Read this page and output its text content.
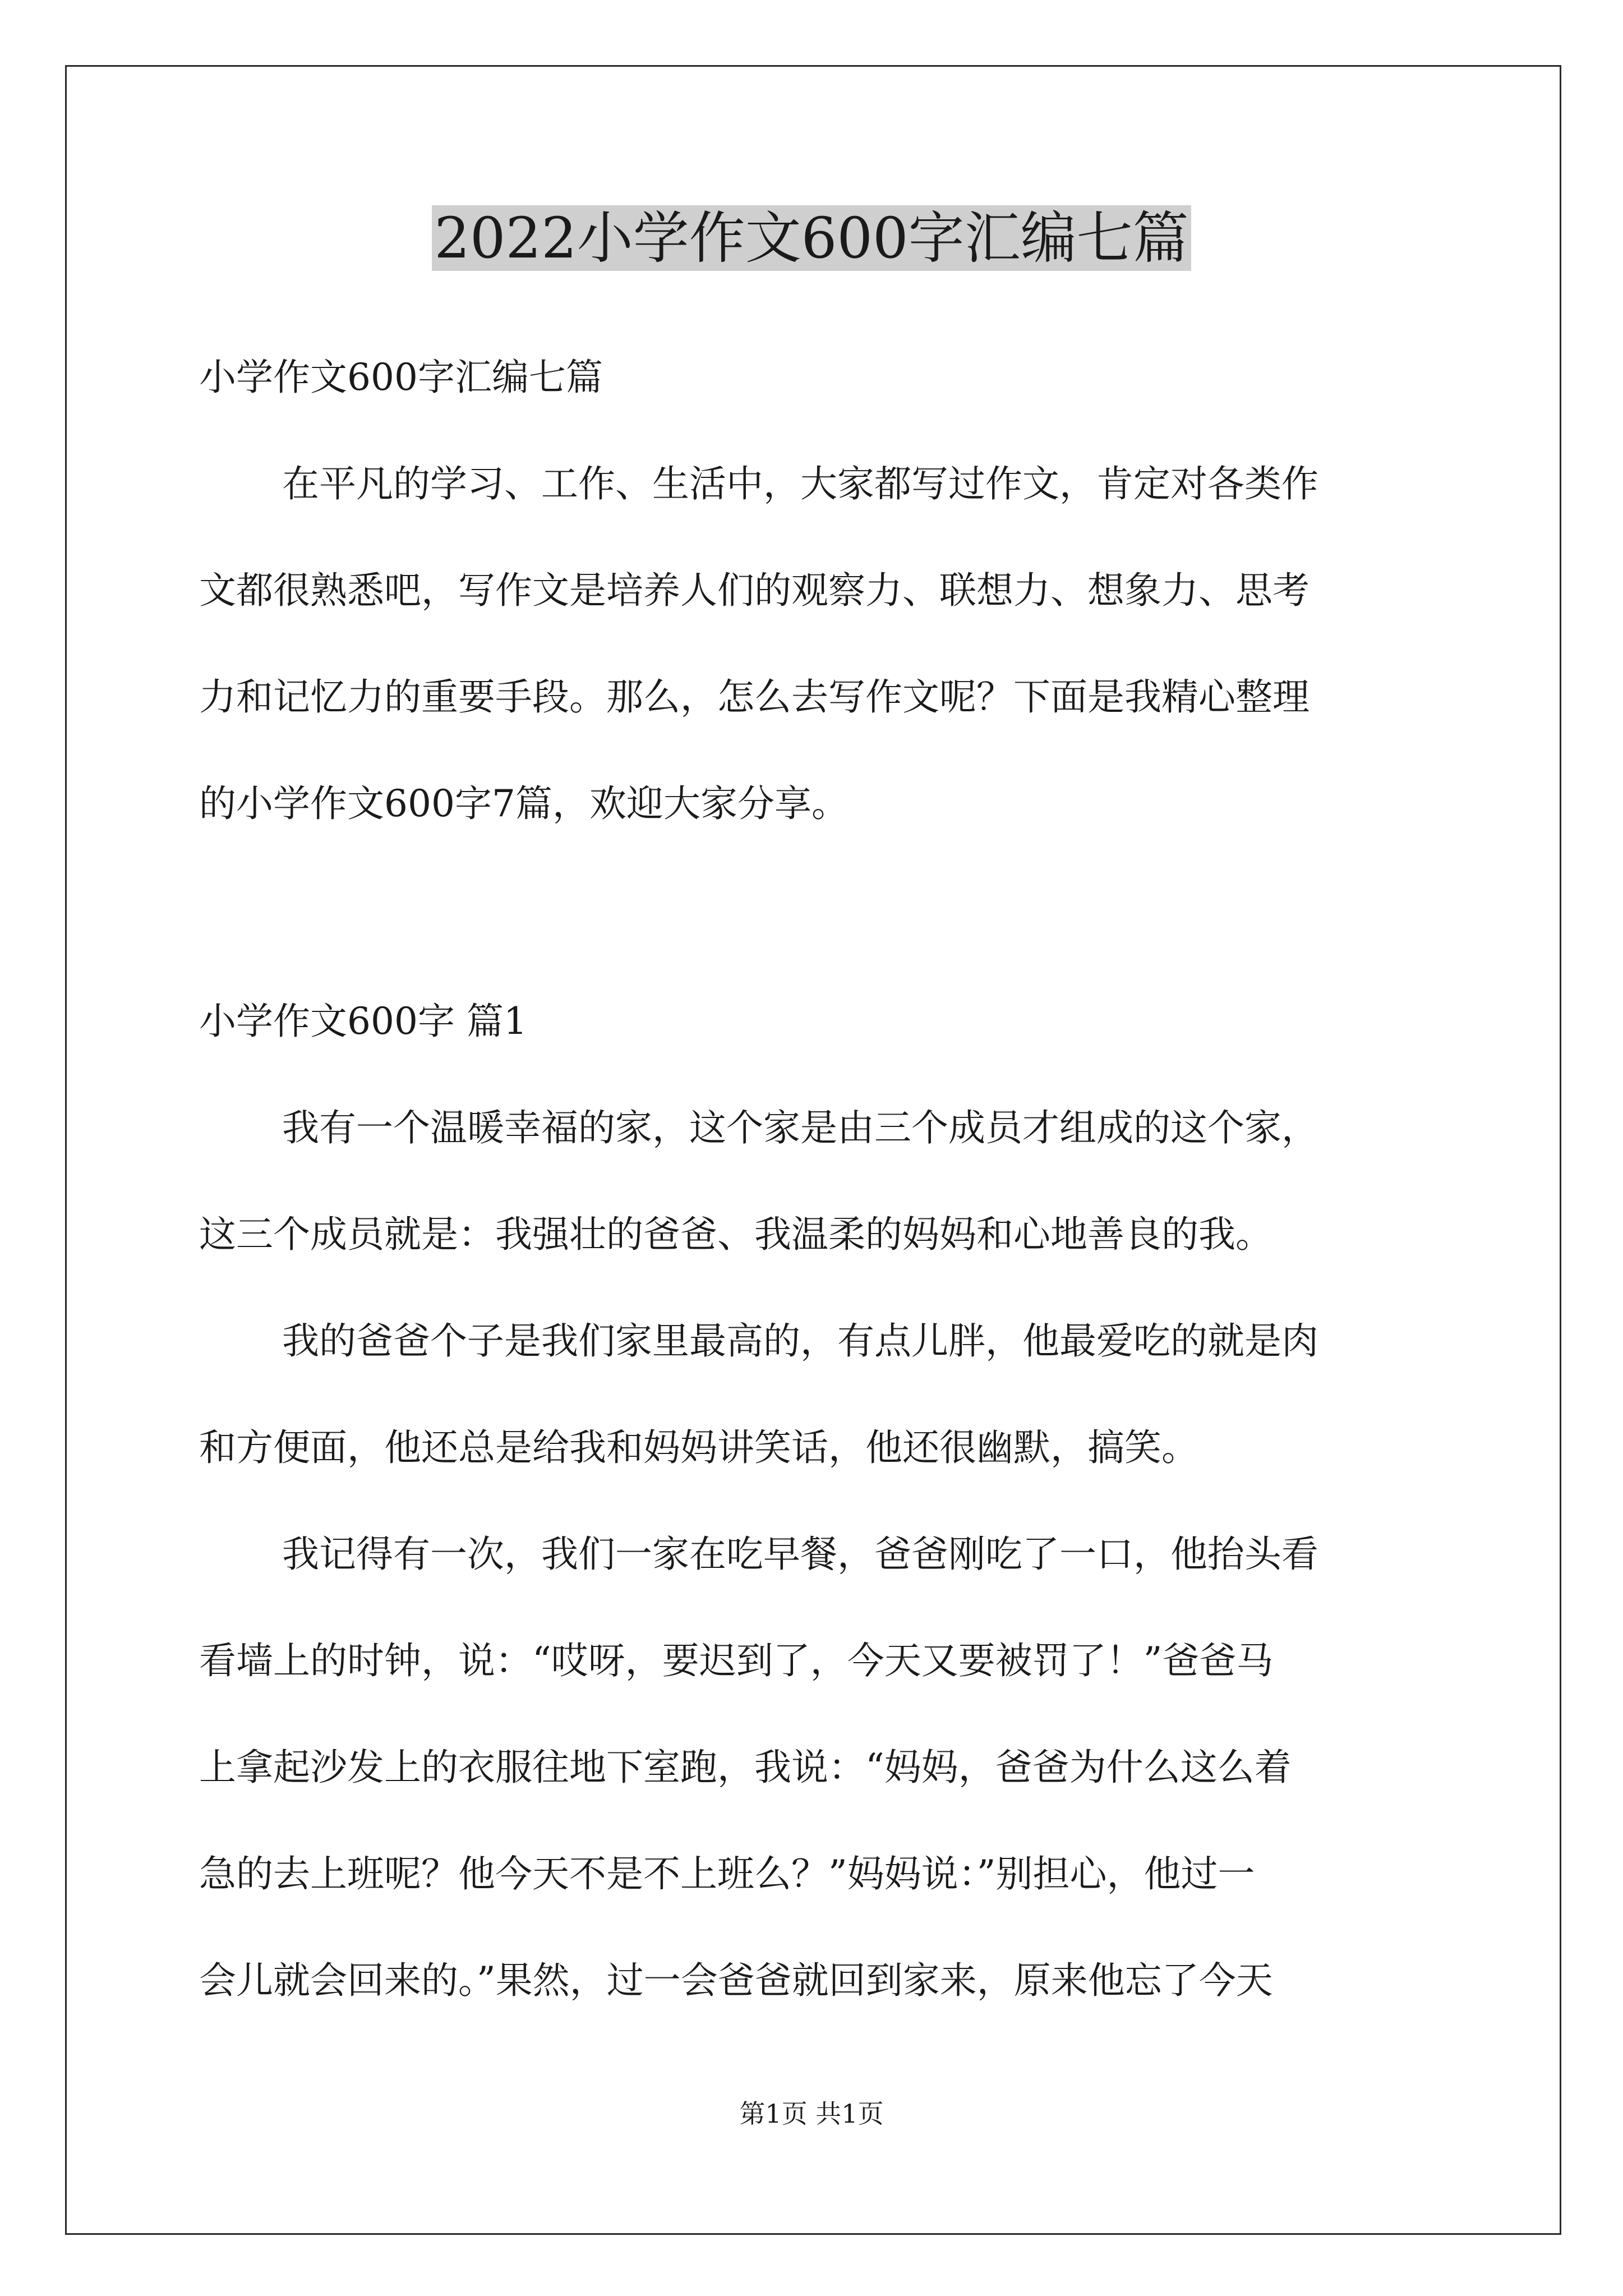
2022小学作文600字汇编七篇
小学作文600字汇编七篇
在平凡的学习、工作、生活中，大家都写过作文，肯定对各类作
文都很熟悉吧，写作文是培养人们的观察力、联想力、想象力、思考
力和记忆力的重要手段。那么，怎么去写作文呢？下面是我精心整理
的小学作文600字7篇，欢迎大家分享。
小学作文600字 篇1
我有一个温暖幸福的家，这个家是由三个成员才组成的这个家，
这三个成员就是：我强壮的爸爸、我温柔的妈妈和心地善良的我。
我的爸爸个子是我们家里最高的，有点儿胖，他最爱吃的就是肉
和方便面，他还总是给我和妈妈讲笑话，他还很幽默，搞笑。
我记得有一次，我们一家在吃早餐，爸爸刚吃了一口，他抬头看
看墙上的时钟，说：“哎呀，要迟到了，今天又要被罚了！”爸爸马
上拿起沙发上的衣服往地下室跑，我说：“妈妈，爸爸为什么这么着
急的去上班呢？他今天不是不上班么？”妈妈说：”别担心，他过一
会儿就会回来的。”果然，过一会爸爸就回到家来，原来他忘了今天
第1页 共1页
